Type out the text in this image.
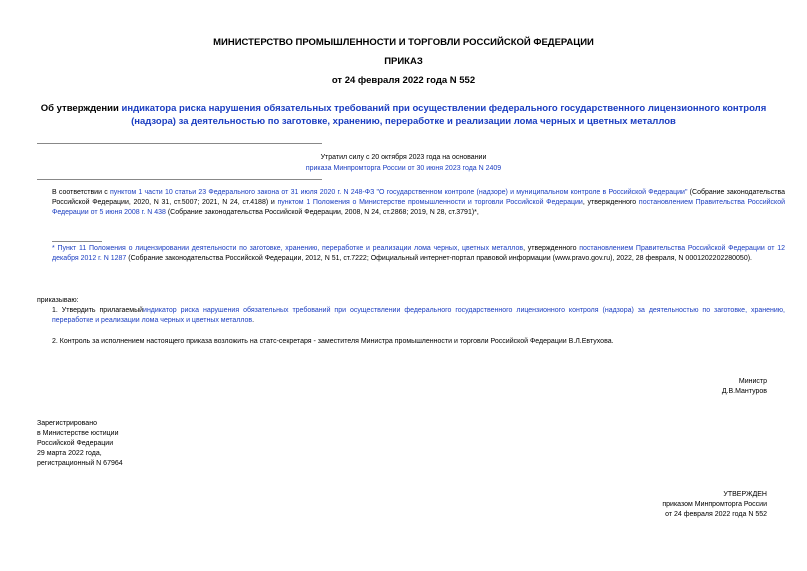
МИНИСТЕРСТВО ПРОМЫШЛЕННОСТИ И ТОРГОВЛИ РОССИЙСКОЙ ФЕДЕРАЦИИ
ПРИКАЗ
от 24 февраля 2022 года N 552
Об утверждении индикатора риска нарушения обязательных требований при осуществлении федерального государственного лицензионного контроля (надзора) за деятельностью по заготовке, хранению, переработке и реализации лома черных и цветных металлов
Утратил силу с 20 октября 2023 года на основании
приказа Минпромторга России от 30 июня 2023 года N 2409
В соответствии с пунктом 1 части 10 статьи 23 Федерального закона от 31 июля 2020 г. N 248-ФЗ "О государственном контроле (надзоре) и муниципальном контроле в Российской Федерации" (Собрание законодательства Российской Федерации, 2020, N 31, ст.5007; 2021, N 24, ст.4188) и пунктом 1 Положения о Министерстве промышленности и торговли Российской Федерации, утвержденного постановлением Правительства Российской Федерации от 5 июня 2008 г. N 438 (Собрание законодательства Российской Федерации, 2008, N 24, ст.2868; 2019, N 28, ст.3791)*,
* Пункт 11 Положения о лицензировании деятельности по заготовке, хранению, переработке и реализации лома черных, цветных металлов, утвержденного постановлением Правительства Российской Федерации от 12 декабря 2012 г. N 1287 (Собрание законодательства Российской Федерации, 2012, N 51, ст.7222; Официальный интернет-портал правовой информации (www.pravo.gov.ru), 2022, 28 февраля, N 0001202202280050).
приказываю:
1. Утвердить прилагаемыйиндикатор риска нарушения обязательных требований при осуществлении федерального государственного лицензионного контроля (надзора) за деятельностью по заготовке, хранению, переработке и реализации лома черных и цветных металлов.
2. Контроль за исполнением настоящего приказа возложить на статс-секретаря - заместителя Министра промышленности и торговли Российской Федерации В.Л.Евтухова.
Министр
Д.В.Мантуров
Зарегистрировано
в Министерстве юстиции
Российской Федерации
29 марта 2022 года,
регистрационный N 67964
УТВЕРЖДЕН
приказом Минпромторга России
от 24 февраля 2022 года N 552
